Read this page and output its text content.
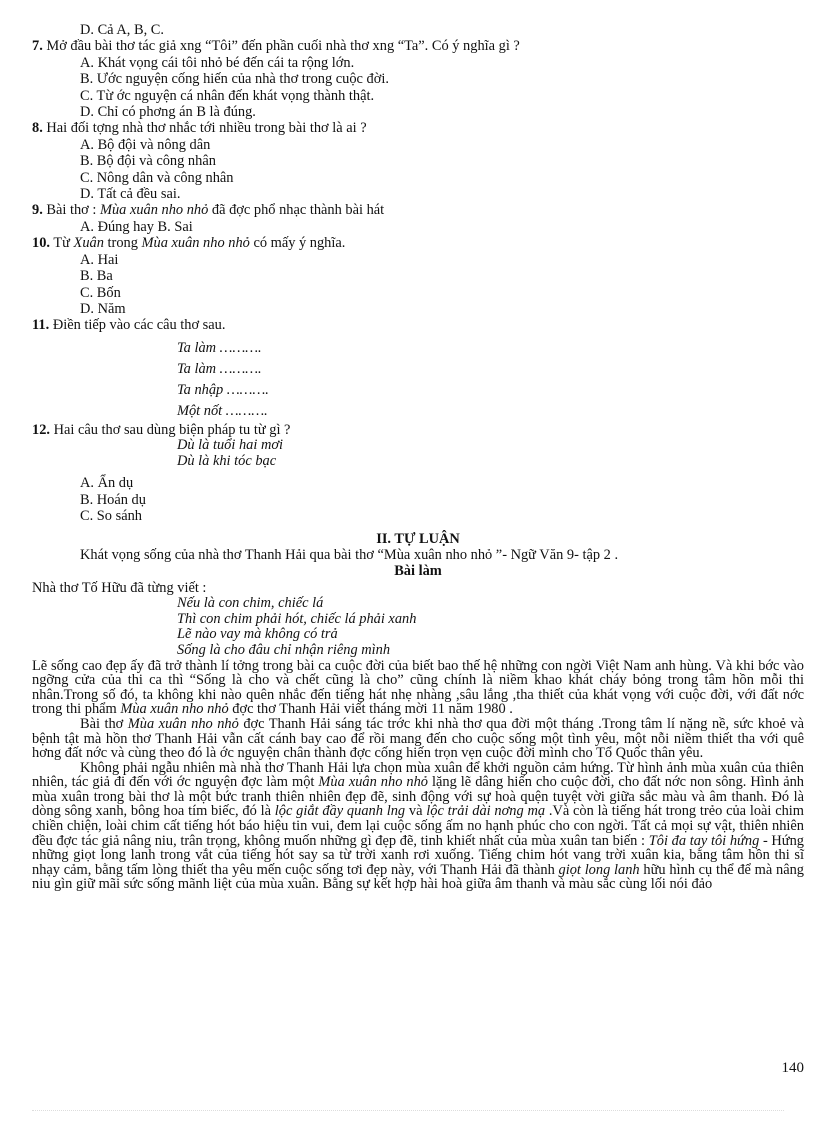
D. Cả A, B, C.
7. Mở đầu bài thơ tác giả xng “Tôi” đến phần cuối nhà thơ xng “Ta”. Có ý nghĩa gì ?
A. Khát vọng cái tôi nhỏ bé đến cái ta rộng lớn.
B. Ước nguyện cống hiến của nhà thơ trong cuộc đời.
C. Từ ớc nguyện cá nhân đến khát vọng thành thật.
D. Chỉ có phơng án B là đúng.
8. Hai đối tợng nhà thơ nhắc tới nhiều trong bài thơ là ai ?
A. Bộ đội và nông dân
B. Bộ đội và công nhân
C. Nông dân và công nhân
D. Tất cả đều sai.
9. Bài thơ : Mùa xuân nho nhỏ đã đợc phổ nhạc thành bài hát
A. Đúng hay B. Sai
10. Từ Xuân trong Mùa xuân nho nhỏ có mấy ý nghĩa.
A. Hai
B. Ba
C. Bốn
D. Năm
11. Điền tiếp vào các câu thơ sau.
Ta làm ……….
Ta làm ……….
Ta nhập ……….
Một nốt ……….
12. Hai câu thơ sau dùng biện pháp tu từ gì ?
Dù là tuổi hai mơi
Dù là khi tóc bạc
A. Ẩn dụ
B. Hoán dụ
C. So sánh
II. TỰ LUẬN
Khát vọng sống của nhà thơ Thanh Hải qua bài thơ “Mùa xuân nho nhỏ ”- Ngữ Văn 9- tập 2 .
Bài làm
Nhà thơ Tố Hữu đã từng viết :
Nếu là con chim, chiếc lá
Thì con chim phải hót, chiếc lá phải xanh
Lẽ nào vay mà không có trả
Sống là cho đâu chỉ nhận riêng mình

Lẽ sống cao đẹp ấy đã trở thành lí tởng trong bài ca cuộc đời của biết bao thế hệ những con ngời Việt Nam anh hùng. Và khi bớc vào ngỡng cửa của thi ca thì “Sống là cho và chết cũng là cho” cũng chính là niềm khao khát cháy bỏng trong tâm hồn mỗi thi nhân.Trong số đó, ta không khi nào quên nhắc đến tiếng hát nhẹ nhàng ,sâu lắng ,tha thiết của khát vọng với cuộc đời, với đất nớc trong thi phẩm Mùa xuân nho nhỏ đợc thơ Thanh Hải viết tháng mời 11 năm 1980 .

Bài thơ Mùa xuân nho nhỏ đợc Thanh Hải sáng tác trớc khi nhà thơ qua đời một tháng .Trong tâm lí nặng nề, sức khoẻ và bệnh tật mà hồn thơ Thanh Hải vẫn cất cánh bay cao để rồi mang đến cho cuộc sống một tình yêu, một nỗi niềm thiết tha với quê hơng đất nớc và cùng theo đó là ớc nguyện chân thành đợc cống hiến trọn vẹn cuộc đời mình cho Tổ Quốc thân yêu.

Không phải ngẫu nhiên mà nhà thơ Thanh Hải lựa chọn mùa xuân để khởi nguồn cảm hứng. Từ hình ảnh mùa xuân của thiên nhiên, tác giả đi đến với ớc nguyện đợc làm một Mùa xuân nho nhỏ lặng lẽ dâng hiến cho cuộc đời, cho đất nớc non sông. Hình ảnh mùa xuân trong bài thơ là một bức tranh thiên nhiên đẹp đẽ, sinh động với sự hoà quện tuyệt vời giữa sắc màu và âm thanh. Đó là dòng sông xanh, bông hoa tím biếc, đó là lộc giắt đầy quanh lng và lộc trải dài nơng mạ .Và còn là tiếng hát trong trẻo của loài chim chiền chiện, loài chim cất tiếng hót báo hiệu tin vui, đem lại cuộc sống ấm no hạnh phúc cho con ngời. Tất cả mọi sự vật, thiên nhiên đều đợc tác giả nâng niu, trân trọng, không muốn những gì đẹp đẽ, tinh khiết nhất của mùa xuân tan biến : Tôi đa tay tôi hứng - Hứng những giọt long lanh trong vắt của tiếng hót say sa từ trời xanh rơi xuống. Tiếng chim hót vang trời xuân kia, bằng tâm hồn thi sĩ nhạy cảm, bằng tấm lòng thiết tha yêu mến cuộc sống tơi đẹp này, với Thanh Hải đã thành giọt long lanh hữu hình cụ thể để mà nâng niu gìn giữ mãi sức sống mãnh liệt của mùa xuân. Bằng sự kết hợp hài hoà giữa âm thanh và màu sắc cùng lối nói đảo

140
